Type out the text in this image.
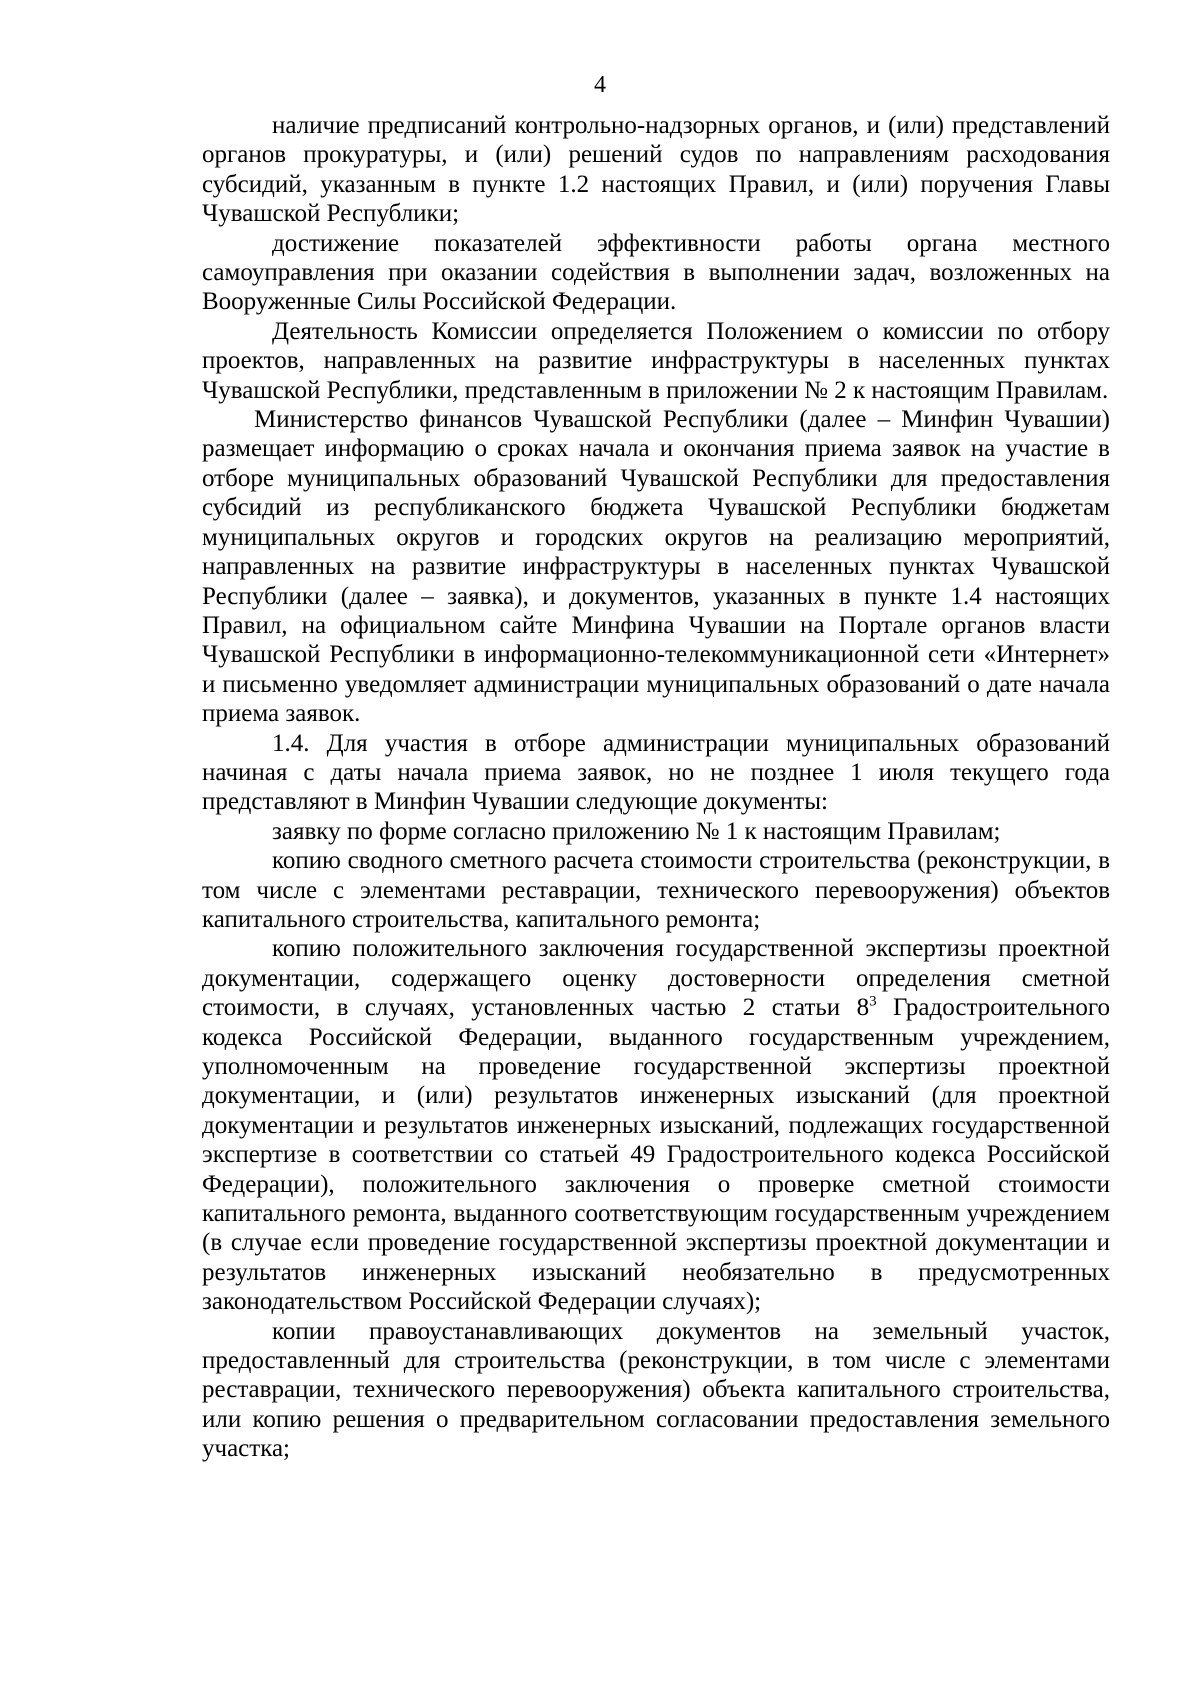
4

наличие предписаний контрольно-надзорных органов, и (или) представлений органов прокуратуры, и (или) решений судов по направлениям расходования субсидий, указанным в пункте 1.2 настоящих Правил, и (или) поручения Главы Чувашской Республики;

достижение показателей эффективности работы органа местного самоуправления при оказании содействия в выполнении задач, возложенных на Вооруженные Силы Российской Федерации.

Деятельность Комиссии определяется Положением о комиссии по отбору проектов, направленных на развитие инфраструктуры в населенных пунктах Чувашской Республики, представленным в приложении № 2 к настоящим Правилам.

Министерство финансов Чувашской Республики (далее – Минфин Чувашии) размещает информацию о сроках начала и окончания приема заявок на участие в отборе муниципальных образований Чувашской Республики для предоставления субсидий из республиканского бюджета Чувашской Республики бюджетам муниципальных округов и городских округов на реализацию мероприятий, направленных на развитие инфраструктуры в населенных пунктах Чувашской Республики (далее – заявка), и документов, указанных в пункте 1.4 настоящих Правил, на официальном сайте Минфина Чувашии на Портале органов власти Чувашской Республики в информационно-телекоммуникационной сети «Интернет» и письменно уведомляет администрации муниципальных образований о дате начала приема заявок.

1.4. Для участия в отборе администрации муниципальных образований начиная с даты начала приема заявок, но не позднее 1 июля текущего года представляют в Минфин Чувашии следующие документы:

заявку по форме согласно приложению № 1 к настоящим Правилам;

копию сводного сметного расчета стоимости строительства (реконструкции, в том числе с элементами реставрации, технического перевооружения) объектов капитального строительства, капитального ремонта;

копию положительного заключения государственной экспертизы проектной документации, содержащего оценку достоверности определения сметной стоимости, в случаях, установленных частью 2 статьи $8^3$ Градостроительного кодекса Российской Федерации, выданного государственным учреждением, уполномоченным на проведение государственной экспертизы проектной документации, и (или) результатов инженерных изысканий (для проектной документации и результатов инженерных изысканий, подлежащих государственной экспертизе в соответствии со статьей 49 Градостроительного кодекса Российской Федерации), положительного заключения о проверке сметной стоимости капитального ремонта, выданного соответствующим государственным учреждением (в случае если проведение государственной экспертизы проектной документации и результатов инженерных изысканий необязательно в предусмотренных законодательством Российской Федерации случаях);

копии правоустанавливающих документов на земельный участок, предоставленный для строительства (реконструкции, в том числе с элементами реставрации, технического перевооружения) объекта капитального строительства, или копию решения о предварительном согласовании предоставления земельного участка;
